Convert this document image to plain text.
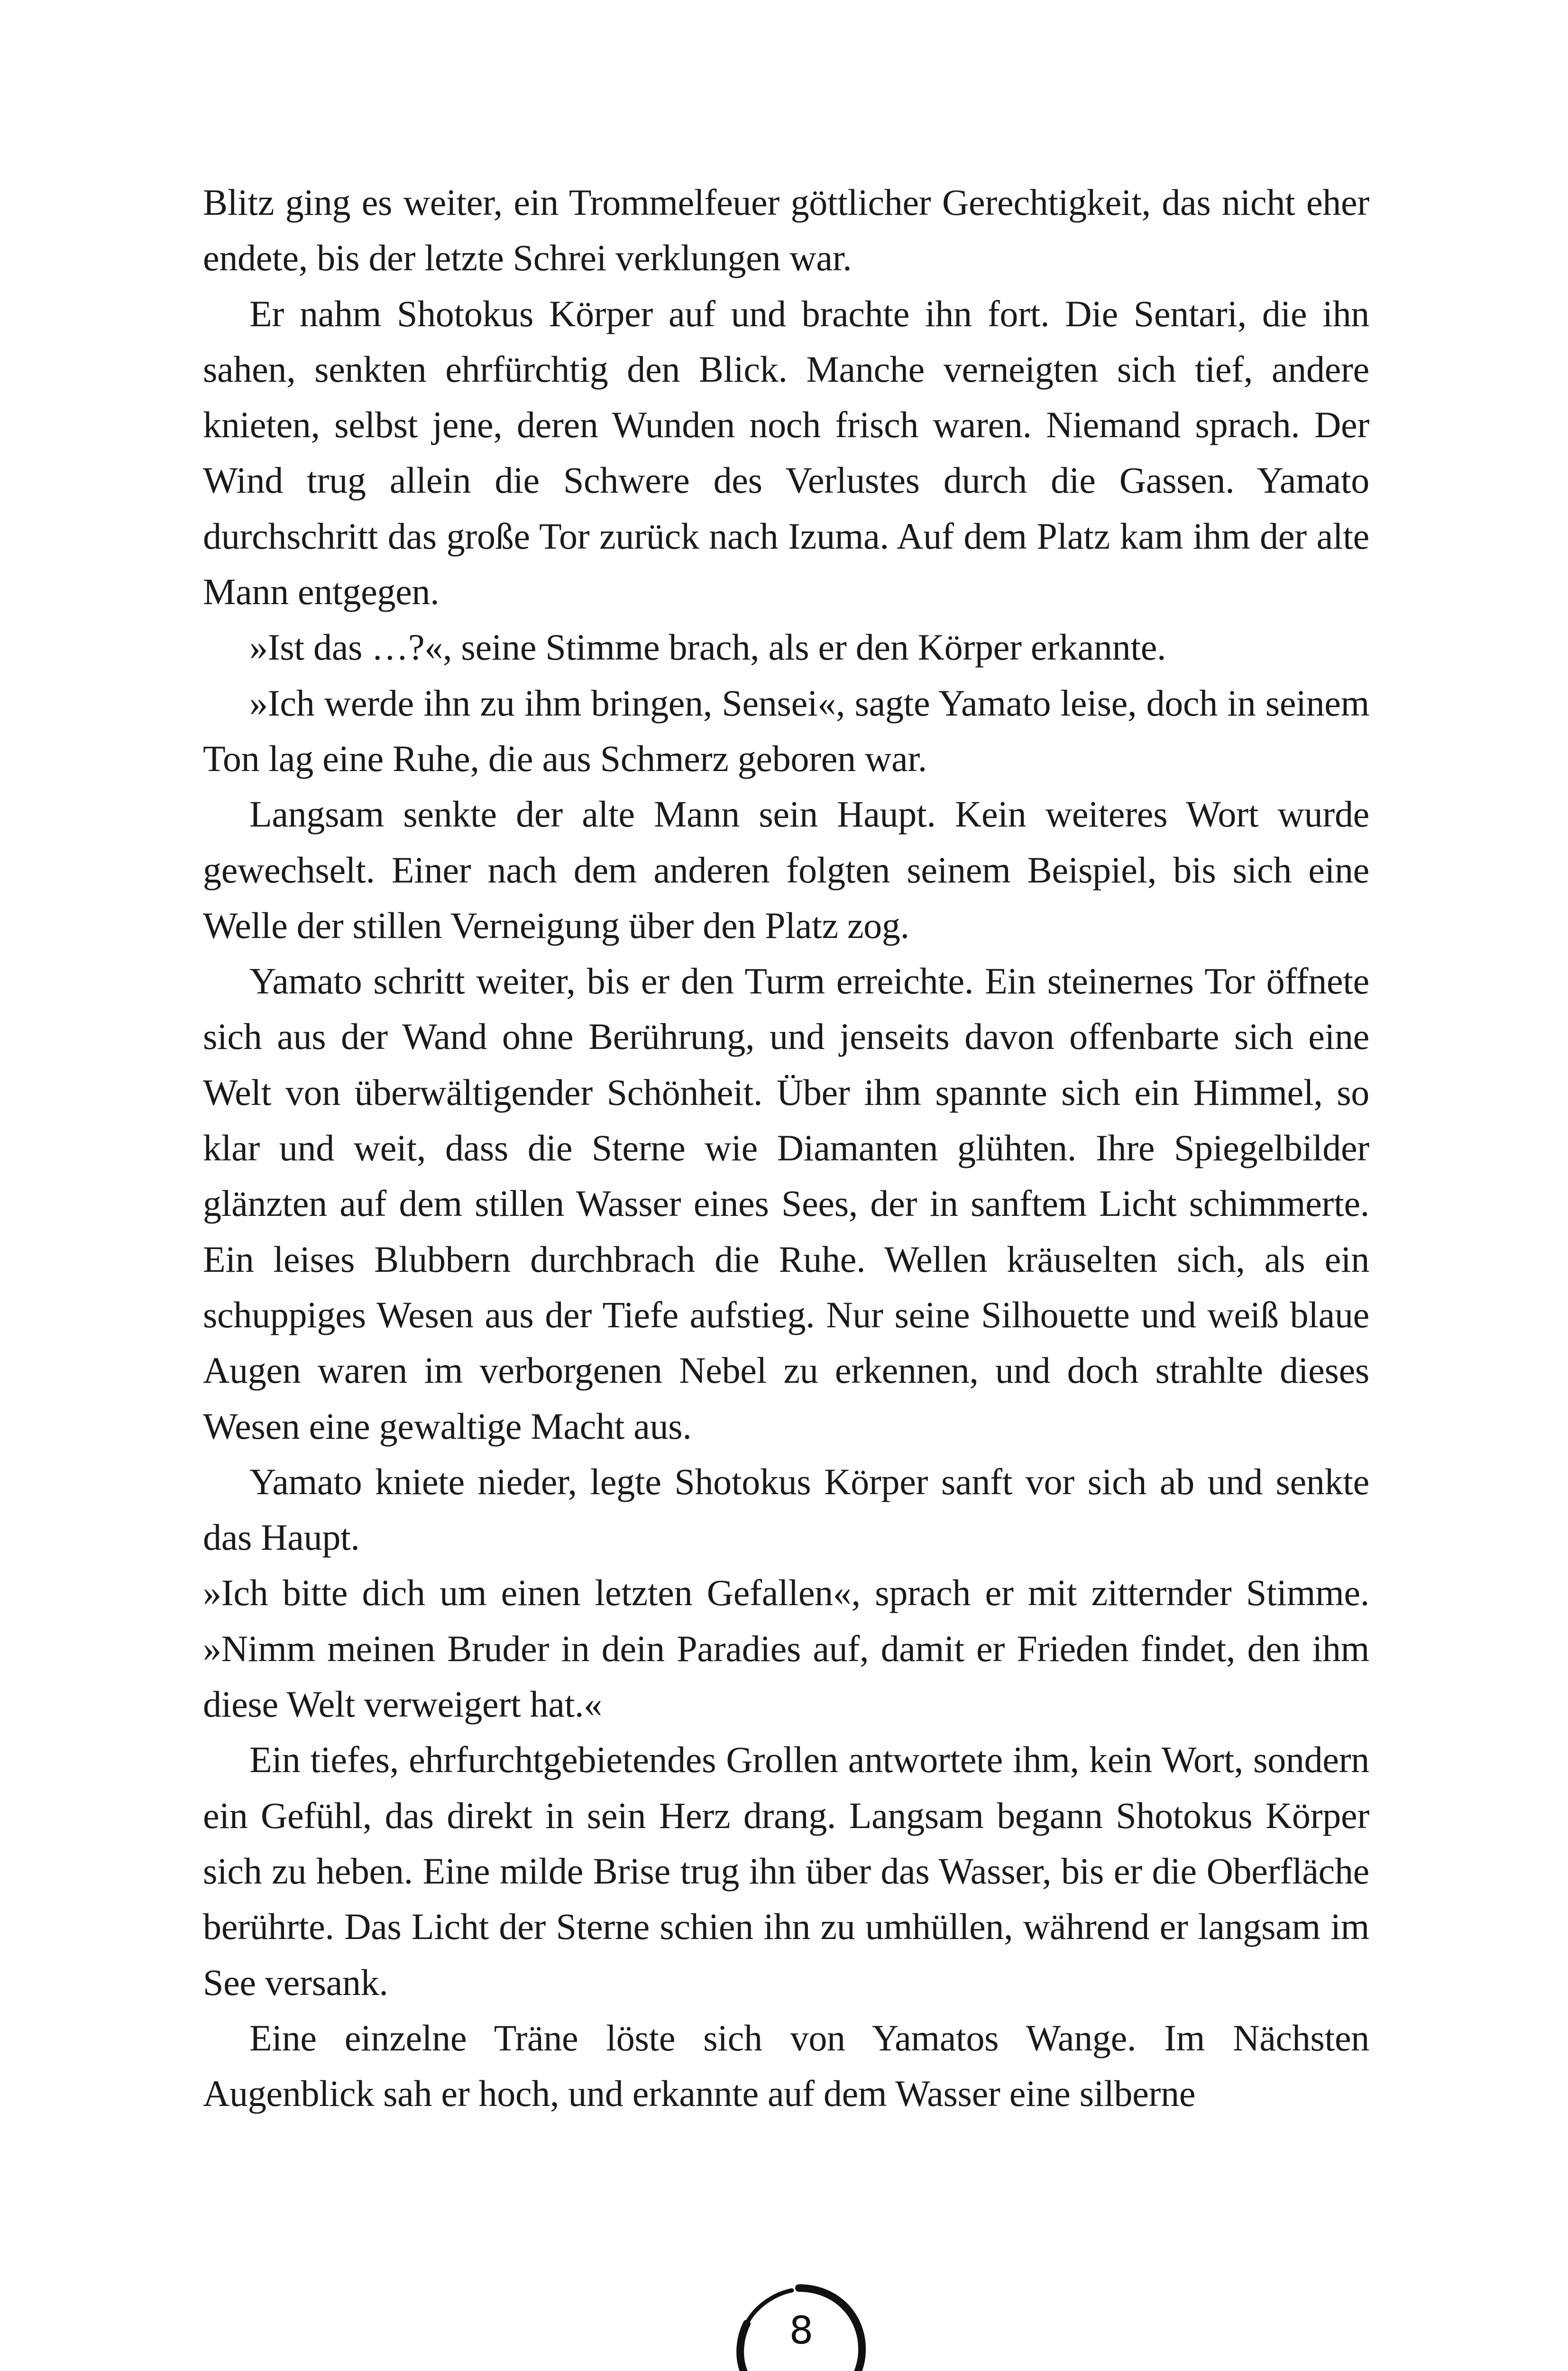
Blitz ging es weiter, ein Trommelfeuer göttlicher Gerechtigkeit, das nicht eher endete, bis der letzte Schrei verklungen war.

Er nahm Shotokus Körper auf und brachte ihn fort. Die Sentari, die ihn sahen, senkten ehrfürchtig den Blick. Manche verneigten sich tief, andere knieten, selbst jene, deren Wunden noch frisch waren. Niemand sprach. Der Wind trug allein die Schwere des Verlustes durch die Gassen. Yamato durchschritt das große Tor zurück nach Izuma. Auf dem Platz kam ihm der alte Mann entgegen.

»Ist das …?«, seine Stimme brach, als er den Körper erkannte.

»Ich werde ihn zu ihm bringen, Sensei«, sagte Yamato leise, doch in seinem Ton lag eine Ruhe, die aus Schmerz geboren war.

Langsam senkte der alte Mann sein Haupt. Kein weiteres Wort wurde gewechselt. Einer nach dem anderen folgten seinem Beispiel, bis sich eine Welle der stillen Verneigung über den Platz zog.

Yamato schritt weiter, bis er den Turm erreichte. Ein steinernes Tor öffnete sich aus der Wand ohne Berührung, und jenseits davon offenbarte sich eine Welt von überwältigender Schönheit. Über ihm spannte sich ein Himmel, so klar und weit, dass die Sterne wie Diamanten glühten. Ihre Spiegelbilder glänzten auf dem stillen Wasser eines Sees, der in sanftem Licht schimmerte. Ein leises Blubbern durchbrach die Ruhe. Wellen kräuselten sich, als ein schuppiges Wesen aus der Tiefe aufstieg. Nur seine Silhouette und weiß blaue Augen waren im verborgenen Nebel zu erkennen, und doch strahlte dieses Wesen eine gewaltige Macht aus.

Yamato kniete nieder, legte Shotokus Körper sanft vor sich ab und senkte das Haupt.

»Ich bitte dich um einen letzten Gefallen«, sprach er mit zitternder Stimme. »Nimm meinen Bruder in dein Paradies auf, damit er Frieden findet, den ihm diese Welt verweigert hat.«

Ein tiefes, ehrfurchtgebietendes Grollen antwortete ihm, kein Wort, sondern ein Gefühl, das direkt in sein Herz drang. Langsam begann Shotokus Körper sich zu heben. Eine milde Brise trug ihn über das Wasser, bis er die Oberfläche berührte. Das Licht der Sterne schien ihn zu umhüllen, während er langsam im See versank.

Eine einzelne Träne löste sich von Yamatos Wange. Im Nächsten Augenblick sah er hoch, und erkannte auf dem Wasser eine silberne

8
